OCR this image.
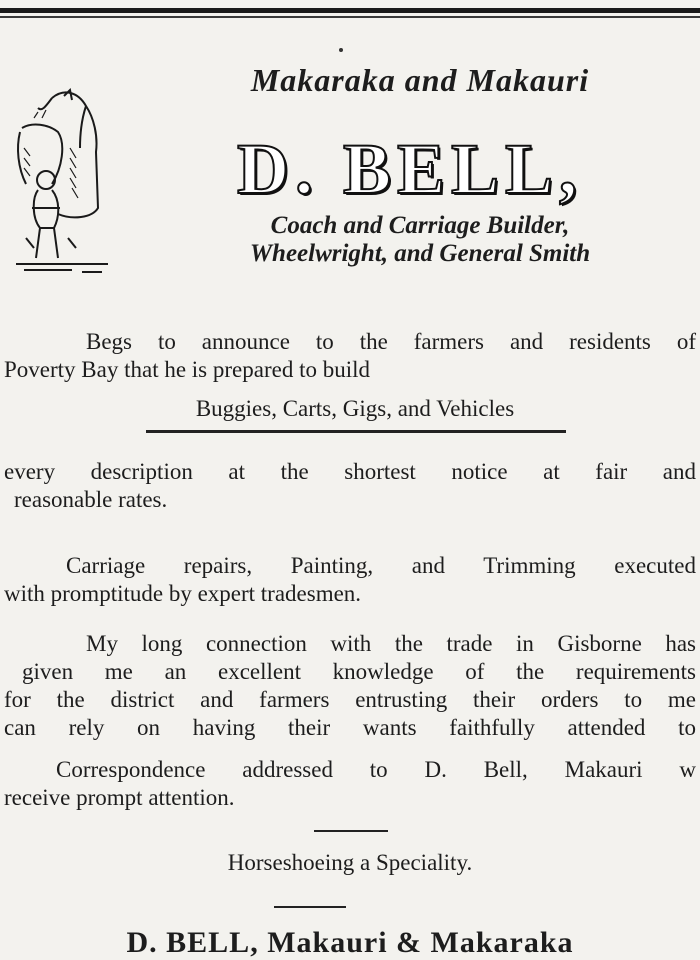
Makaraka and Makauri
D. BELL,
Coach and Carriage Builder,
Wheelwright, and General Smith
Begs to announce to the farmers and residents of
Poverty Bay that he is prepared to build
Buggies, Carts, Gigs, and Vehicles
every description at the shortest notice at fair and
reasonable rates.
Carriage repairs, Painting, and Trimming executed
with promptitude by expert tradesmen.
My long connection with the trade in Gisborne has
given me an excellent knowledge of the requirements
for the district and farmers entrusting their orders to me
can rely on having their wants faithfully attended to
Correspondence addressed to D. Bell, Makauri w
receive prompt attention.
Horseshoeing a Speciality.
D. BELL, Makauri & Makaraka
